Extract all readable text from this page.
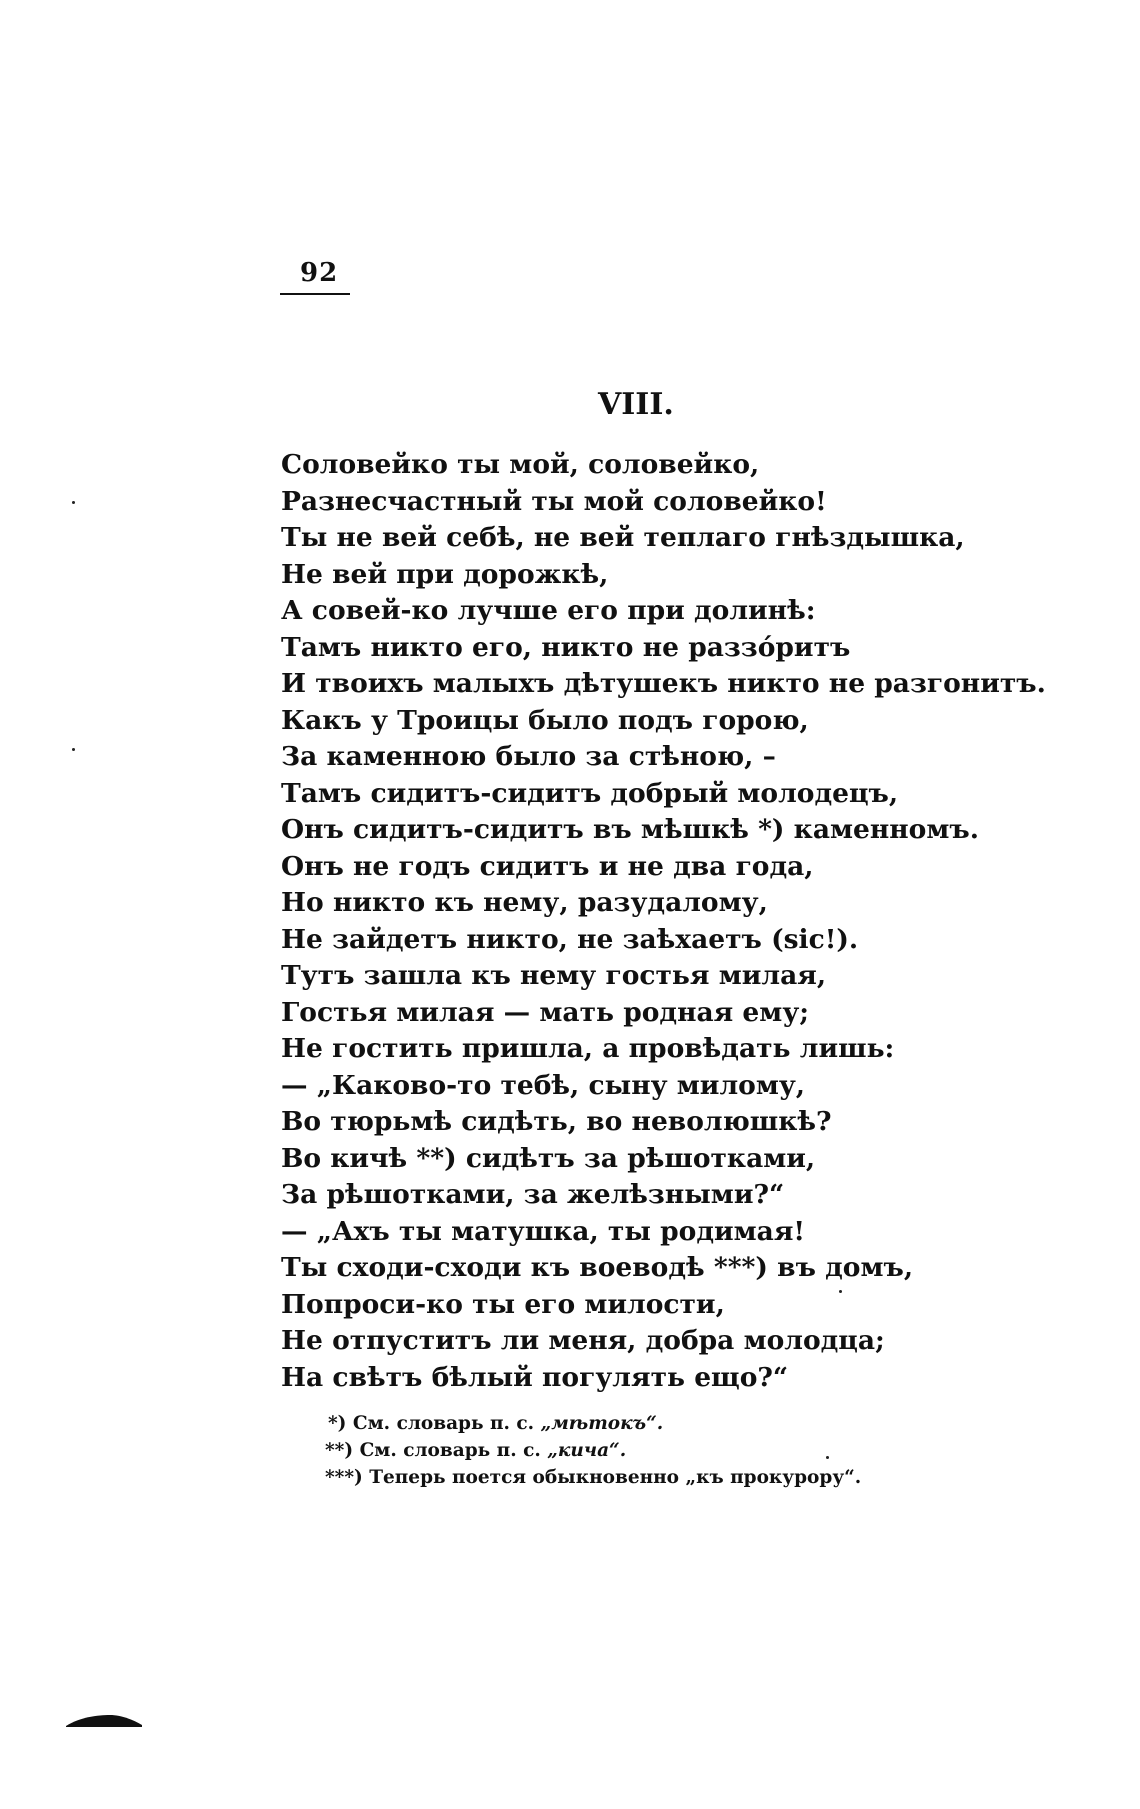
92
VIII.
Соловейко ты мой, соловейко,
Разнесчастный ты мой соловейко!
Ты не вей себѣ, не вей теплаго гнѣздышка,
Не вей при дорожкѣ,
А совей-ко лучше его при долинѣ:
Тамъ никто его, никто не раззóритъ
И твоихъ малыхъ дѣтушекъ никто не разгонитъ.
Какъ у Троицы было подъ горою,
За каменною было за стѣною, –
Тамъ сидитъ-сидитъ добрый молодецъ,
Онъ сидитъ-сидитъ въ мѣшкѣ *) каменномъ.
Онъ не годъ сидитъ и не два года,
Но никто къ нему, разудалому,
Не зайдетъ никто, не заѣхаетъ (sic!).
Тутъ зашла къ нему гостья милая,
Гостья милая — мать родная ему;
Не гостить пришла, а провѣдать лишь:
— „Каково-то тебѣ, сыну милому,
Во тюрьмѣ сидѣть, во неволюшкѣ?
Во кичѣ **) сидѣтъ за рѣшотками,
За рѣшотками, за желѣзными?“
— „Ахъ ты матушка, ты родимая!
Ты сходи-сходи къ воеводѣ ***) въ домъ,
Попроси-ко ты его милости,
Не отпуститъ ли меня, добра молодца;
На свѣтъ бѣлый погулять ещо?“
*) См. словарь п. с. „мѣтокъ“.
**) См. словарь п. с. „кича“.
***) Теперь поется обыкновенно „къ прокурору“.
